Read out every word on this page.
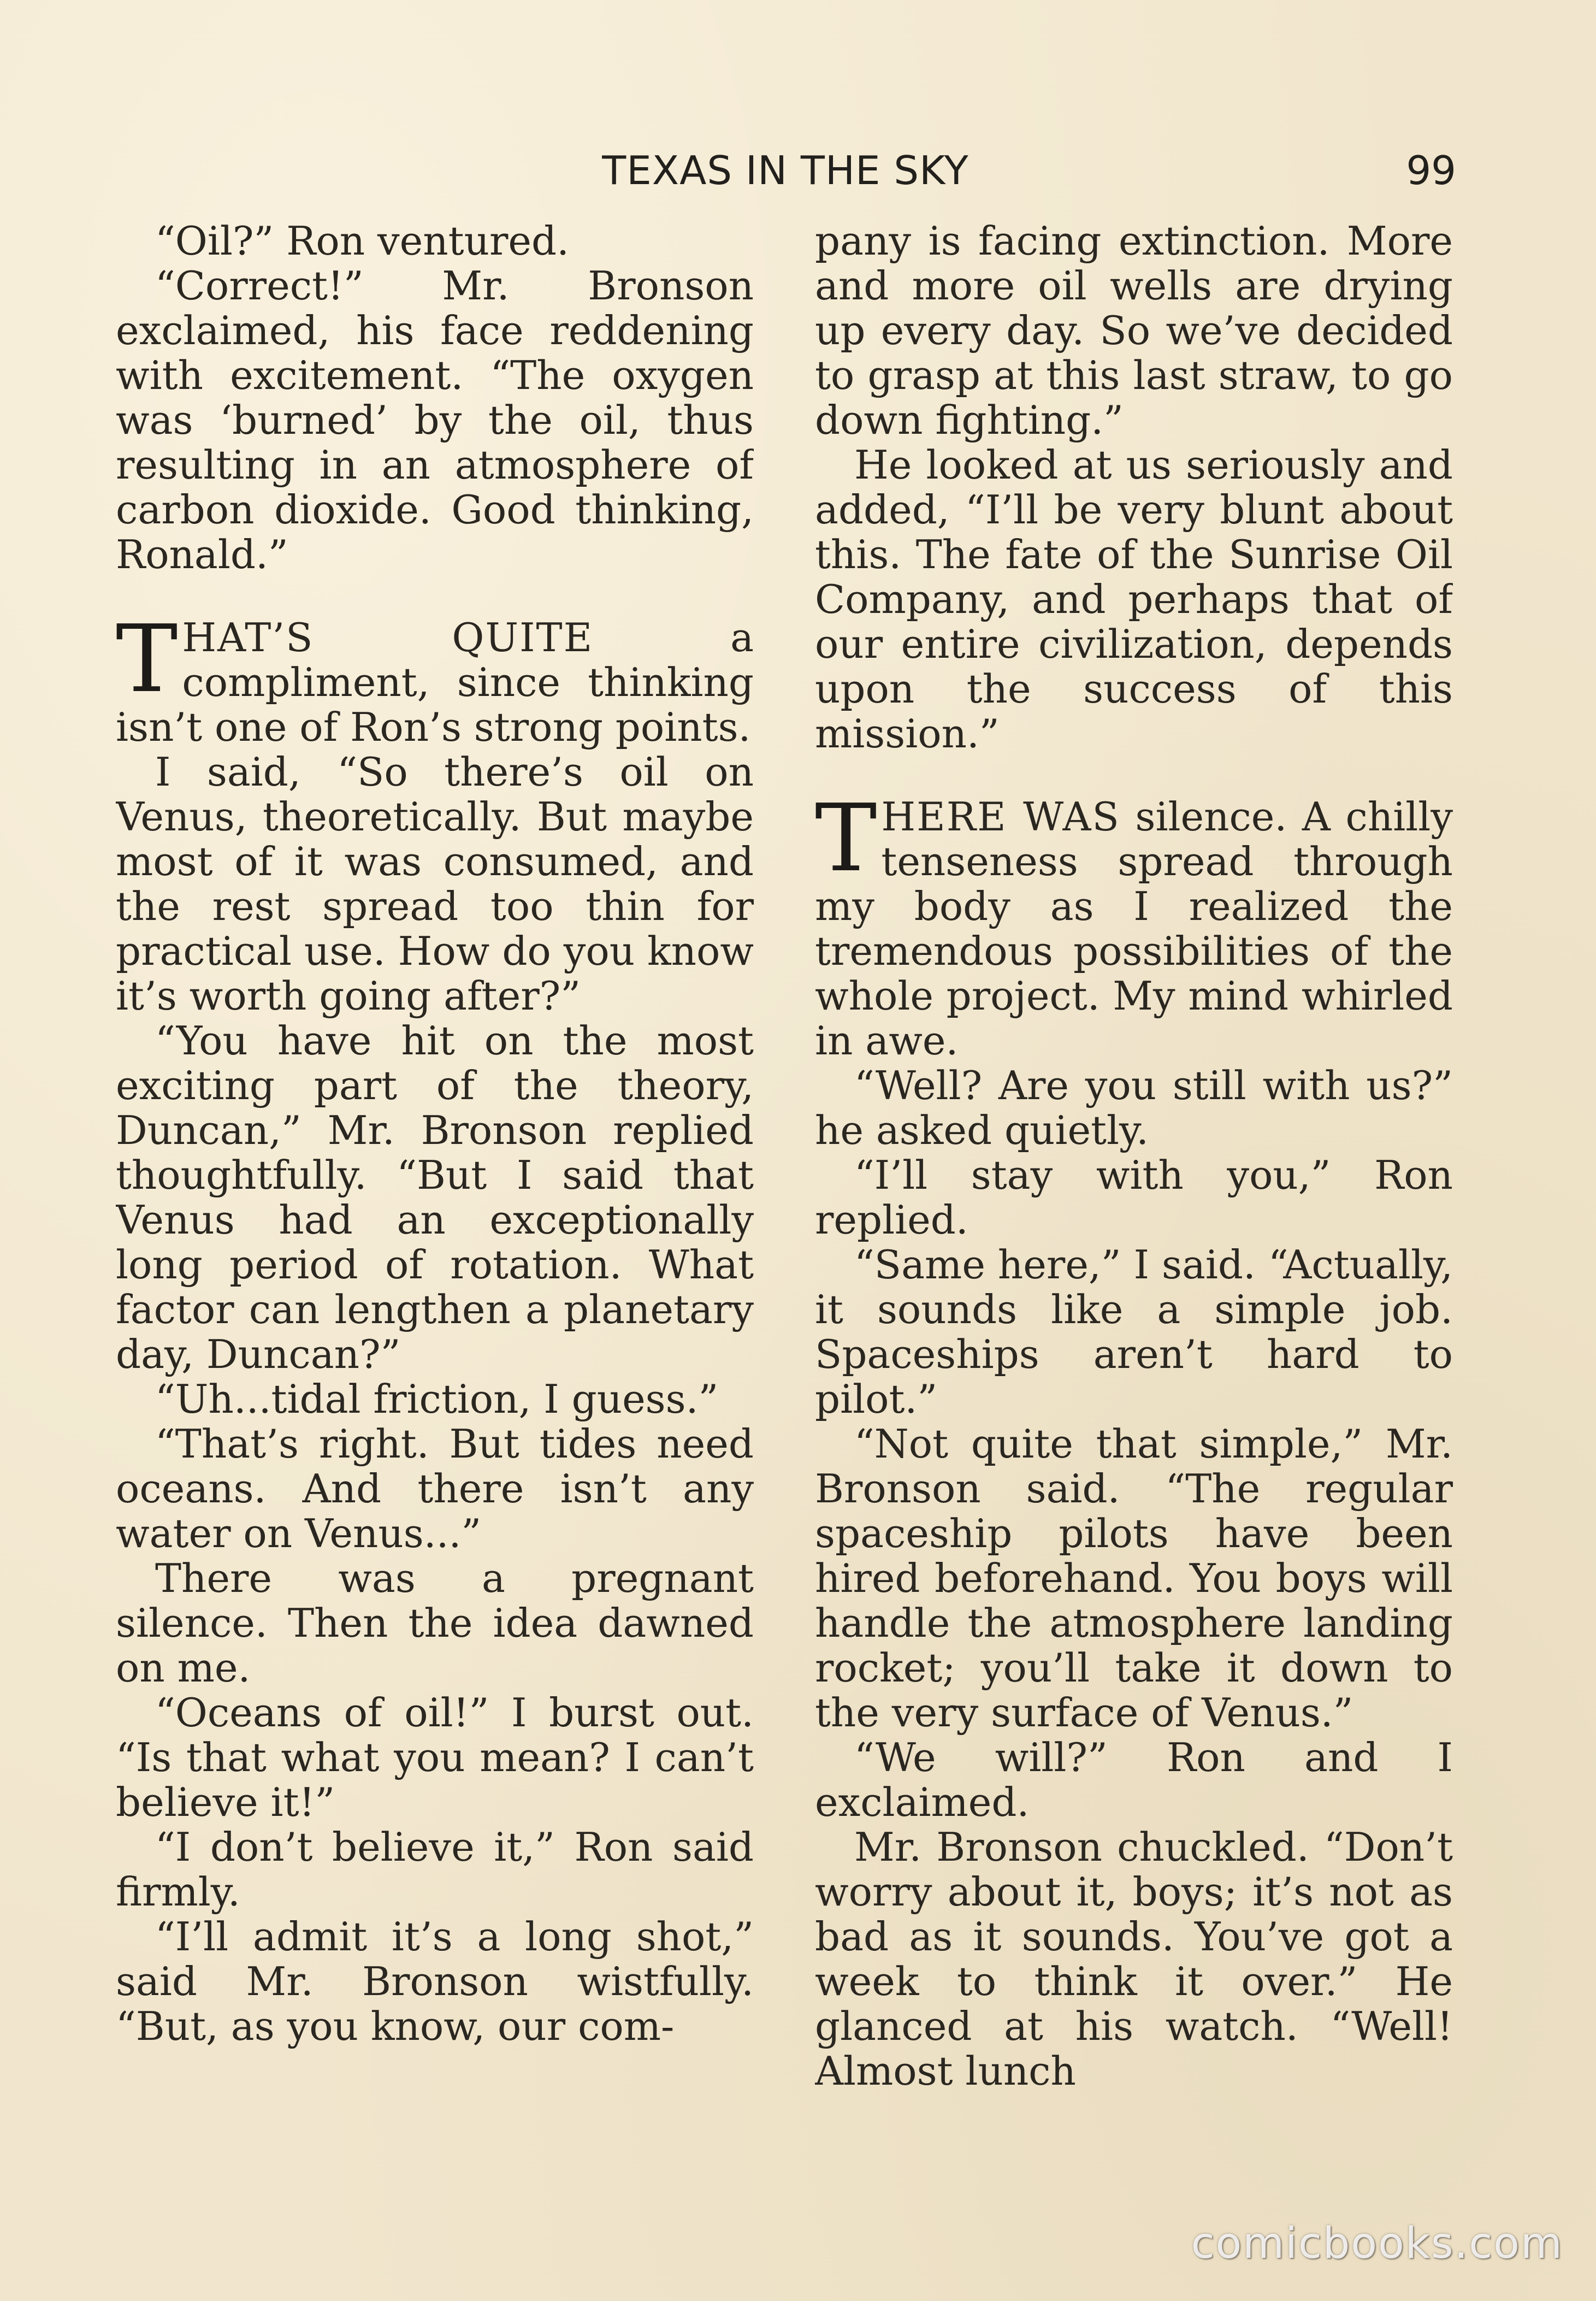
TEXAS IN THE SKY	99

“Oil?” Ron ventured.

“Correct!” Mr. Bronson exclaimed, his face reddening with excitement. “The oxygen was ‘burned’ by the oil, thus resulting in an atmosphere of carbon dioxide. Good thinking, Ronald.”

THAT’S QUITE a compliment, since thinking isn’t one of Ron’s strong points.

I said, “So there’s oil on Venus, theoretically. But maybe most of it was consumed, and the rest spread too thin for practical use. How do you know it’s worth going after?”

“You have hit on the most exciting part of the theory, Duncan,” Mr. Bronson replied thoughtfully. “But I said that Venus had an exceptionally long period of rotation. What factor can lengthen a planetary day, Duncan?”

“Uh...tidal friction, I guess.”

“That’s right. But tides need oceans. And there isn’t any water on Venus...”

There was a pregnant silence. Then the idea dawned on me.

“Oceans of oil!” I burst out. “Is that what you mean? I can’t believe it!”

“I don’t believe it,” Ron said firmly.

“I’ll admit it’s a long shot,” said Mr. Bronson wistfully. “But, as you know, our com-

pany is facing extinction. More and more oil wells are drying up every day. So we’ve decided to grasp at this last straw, to go down fighting.”

He looked at us seriously and added, “I’ll be very blunt about this. The fate of the Sunrise Oil Company, and perhaps that of our entire civilization, depends upon the success of this mission.”

THERE WAS silence. A chilly tenseness spread through my body as I realized the tremendous possibilities of the whole project. My mind whirled in awe.

“Well? Are you still with us?” he asked quietly.

“I’ll stay with you,” Ron replied.

“Same here,” I said. “Actually, it sounds like a simple job. Spaceships aren’t hard to pilot.”

“Not quite that simple,” Mr. Bronson said. “The regular spaceship pilots have been hired beforehand. You boys will handle the atmosphere landing rocket; you’ll take it down to the very surface of Venus.”

“We will?” Ron and I exclaimed.

Mr. Bronson chuckled. “Don’t worry about it, boys; it’s not as bad as it sounds. You’ve got a week to think it over.” He glanced at his watch. “Well! Almost lunch

comicbooks.com
